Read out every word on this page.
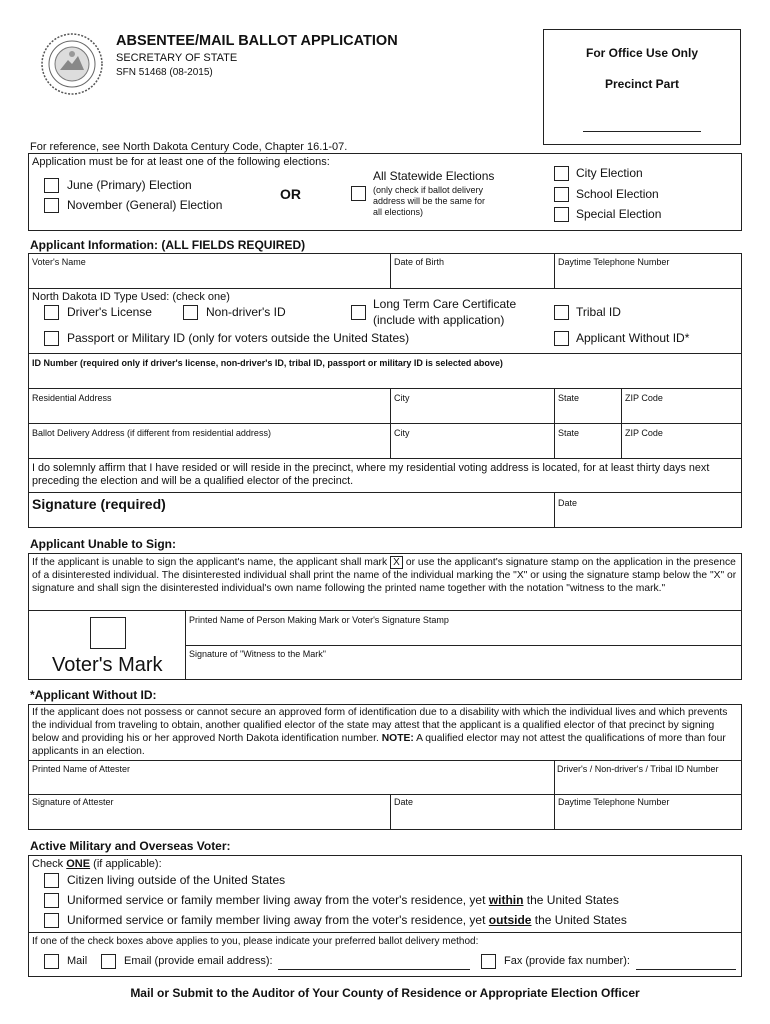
ABSENTEE/MAIL BALLOT APPLICATION
SECRETARY OF STATE
SFN 51468 (08-2015)
For Office Use Only
Precinct Part
For reference, see North Dakota Century Code, Chapter 16.1-07.
Application must be for at least one of the following elections:
June (Primary) Election
November (General) Election
OR
All Statewide Elections
(only check if ballot delivery
address will be the same for
all elections)
City Election
School Election
Special Election
Applicant Information: (ALL FIELDS REQUIRED)
Voter's Name	Date of Birth	Daytime Telephone Number
North Dakota ID Type Used: (check one)
Driver's License	Non-driver's ID
Long Term Care Certificate
(include with application)
Tribal ID
Passport or Military ID (only for voters outside the United States)	Applicant Without ID*
ID Number (required only if driver's license, non-driver's ID, tribal ID, passport or military ID is selected above)
Residential Address	City	State	ZIP Code
Ballot Delivery Address (if different from residential address)	City	State	ZIP Code
I do solemnly affirm that I have resided or will reside in the precinct, where my residential voting address is located, for at least thirty days next preceding the election and will be a qualified elector of the precinct.
Signature (required)	Date
Applicant Unable to Sign:
If the applicant is unable to sign the applicant's name, the applicant shall mark X or use the applicant's signature stamp on the application in the presence of a disinterested individual. The disinterested individual shall print the name of the individual marking the "X" or using the signature stamp below the "X" or signature and shall sign the disinterested individual's own name following the printed name together with the notation "witness to the mark."
Voter's Mark
Printed Name of Person Making Mark or Voter's Signature Stamp
Signature of "Witness to the Mark"
*Applicant Without ID:
If the applicant does not possess or cannot secure an approved form of identification due to a disability with which the individual lives and which prevents the individual from traveling to obtain, another qualified elector of the state may attest that the applicant is a qualified elector of that precinct by signing below and providing his or her approved North Dakota identification number. NOTE: A qualified elector may not attest the qualifications of more than four applicants in an election.
Printed Name of Attester	Driver's / Non-driver's / Tribal ID Number
Signature of Attester	Date	Daytime Telephone Number
Active Military and Overseas Voter:
Check ONE (if applicable):
Citizen living outside of the United States
Uniformed service or family member living away from the voter's residence, yet within the United States
Uniformed service or family member living away from the voter's residence, yet outside the United States
If one of the check boxes above applies to you, please indicate your preferred ballot delivery method:
Mail	Email (provide email address):	Fax (provide fax number):
Mail or Submit to the Auditor of Your County of Residence or Appropriate Election Officer
